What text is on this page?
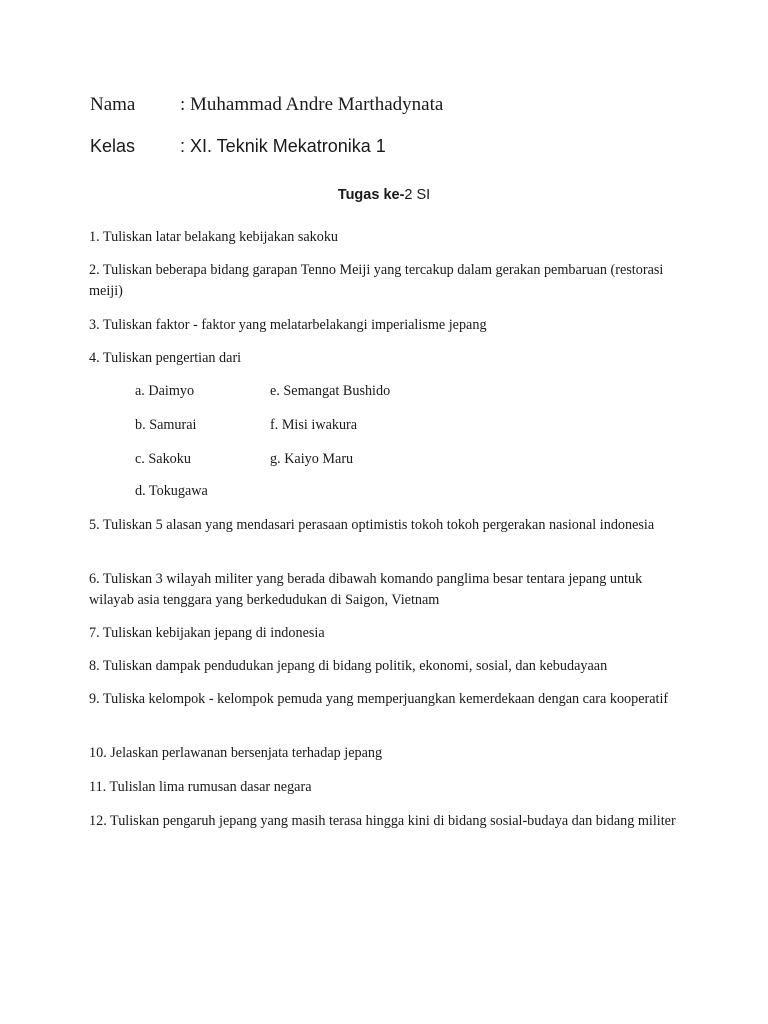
Nama	: Muhammad Andre Marthadynata
Kelas	: XI. Teknik Mekatronika 1
Tugas ke-2 SI
1. Tuliskan latar belakang kebijakan sakoku
2. Tuliskan beberapa bidang garapan Tenno Meiji yang tercakup dalam gerakan pembaruan (restorasi meiji)
3. Tuliskan faktor - faktor yang melatarbelakangi imperialisme jepang
4. Tuliskan pengertian dari
a. Daimyo	e. Semangat Bushido
b. Samurai	f. Misi iwakura
c. Sakoku	g. Kaiyo Maru
d. Tokugawa
5. Tuliskan 5 alasan yang mendasari perasaan optimistis tokoh tokoh pergerakan nasional indonesia
6. Tuliskan 3 wilayah militer yang berada dibawah komando panglima besar tentara jepang untuk wilayab asia tenggara yang berkedudukan di Saigon, Vietnam
7. Tuliskan kebijakan jepang di indonesia
8. Tuliskan dampak pendudukan jepang di bidang politik, ekonomi, sosial, dan kebudayaan
9. Tuliska kelompok - kelompok pemuda yang memperjuangkan kemerdekaan dengan cara kooperatif
10. Jelaskan perlawanan bersenjata terhadap jepang
11. Tulislan lima rumusan dasar negara
12. Tuliskan pengaruh jepang yang masih terasa hingga kini di bidang sosial-budaya dan bidang militer
